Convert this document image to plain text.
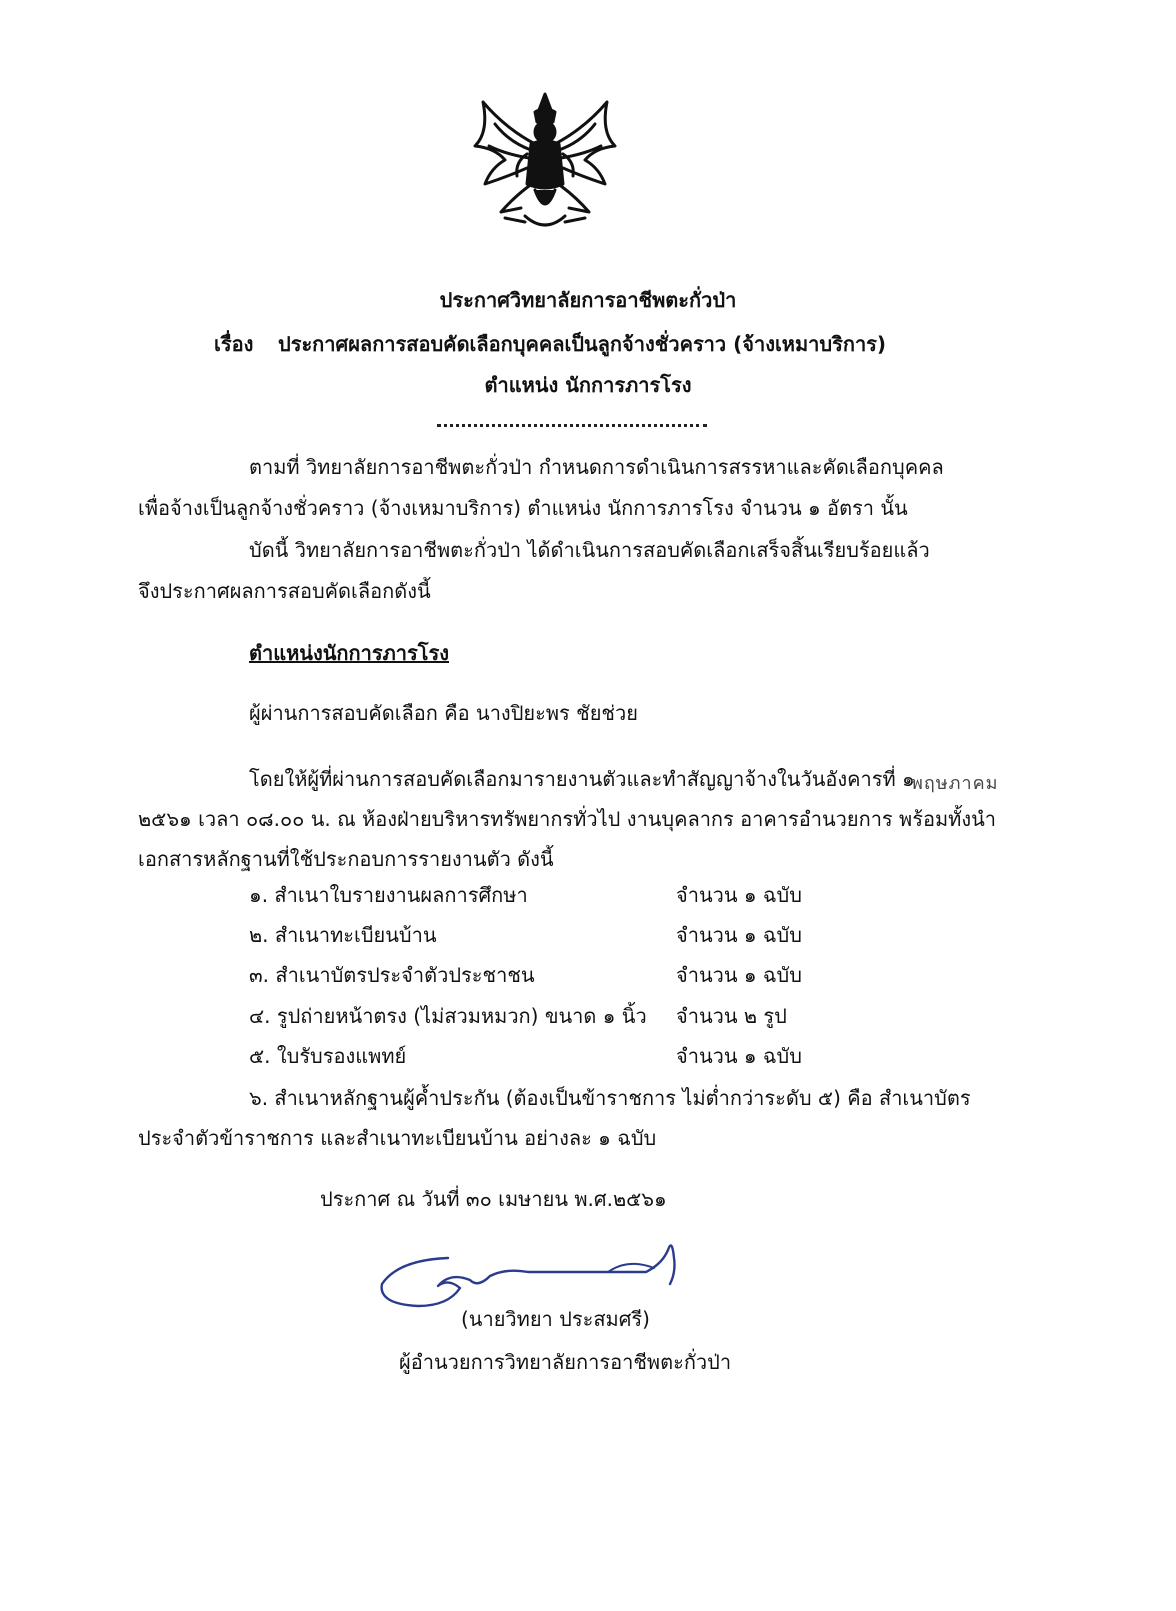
ประกาศวิทยาลัยการอาชีพตะกั่วป่า
เรื่อง ประกาศผลการสอบคัดเลือกบุคคลเป็นลูกจ้างชั่วคราว (จ้างเหมาบริการ)
ตำแหน่ง นักการภารโรง
ตามที่ วิทยาลัยการอาชีพตะกั่วป่า กำหนดการดำเนินการสรรหาและคัดเลือกบุคคล
เพื่อจ้างเป็นลูกจ้างชั่วคราว (จ้างเหมาบริการ) ตำแหน่ง นักการภารโรง จำนวน ๑ อัตรา นั้น
บัดนี้ วิทยาลัยการอาชีพตะกั่วป่า ได้ดำเนินการสอบคัดเลือกเสร็จสิ้นเรียบร้อยแล้ว
จึงประกาศผลการสอบคัดเลือกดังนี้
ตำแหน่งนักการภารโรง
ผู้ผ่านการสอบคัดเลือก คือ นางปิยะพร ชัยช่วย
โดยให้ผู้ที่ผ่านการสอบคัดเลือกมารายงานตัวและทำสัญญาจ้างในวันอังคารที่ ๑
พฤษภาคม
๒๕๖๑ เวลา ๐๘.๐๐ น. ณ ห้องฝ่ายบริหารทรัพยากรทั่วไป งานบุคลากร อาคารอำนวยการ พร้อมทั้งนำ
เอกสารหลักฐานที่ใช้ประกอบการรายงานตัว ดังนี้
๑. สำเนาใบรายงานผลการศึกษา	จำนวน ๑ ฉบับ
๒. สำเนาทะเบียนบ้าน	จำนวน ๑ ฉบับ
๓. สำเนาบัตรประจำตัวประชาชน	จำนวน ๑ ฉบับ
๔. รูปถ่ายหน้าตรง (ไม่สวมหมวก) ขนาด ๑ นิ้ว จำนวน ๒ รูป
๕. ใบรับรองแพทย์	จำนวน ๑ ฉบับ
๖. สำเนาหลักฐานผู้ค้ำประกัน (ต้องเป็นข้าราชการ ไม่ต่ำกว่าระดับ ๕) คือ สำเนาบัตร
ประจำตัวข้าราชการ และสำเนาทะเบียนบ้าน อย่างละ ๑ ฉบับ
ประกาศ ณ วันที่ ๓๐ เมษายน พ.ศ.๒๕๖๑
(นายวิทยา ประสมศรี)
ผู้อำนวยการวิทยาลัยการอาชีพตะกั่วป่า
